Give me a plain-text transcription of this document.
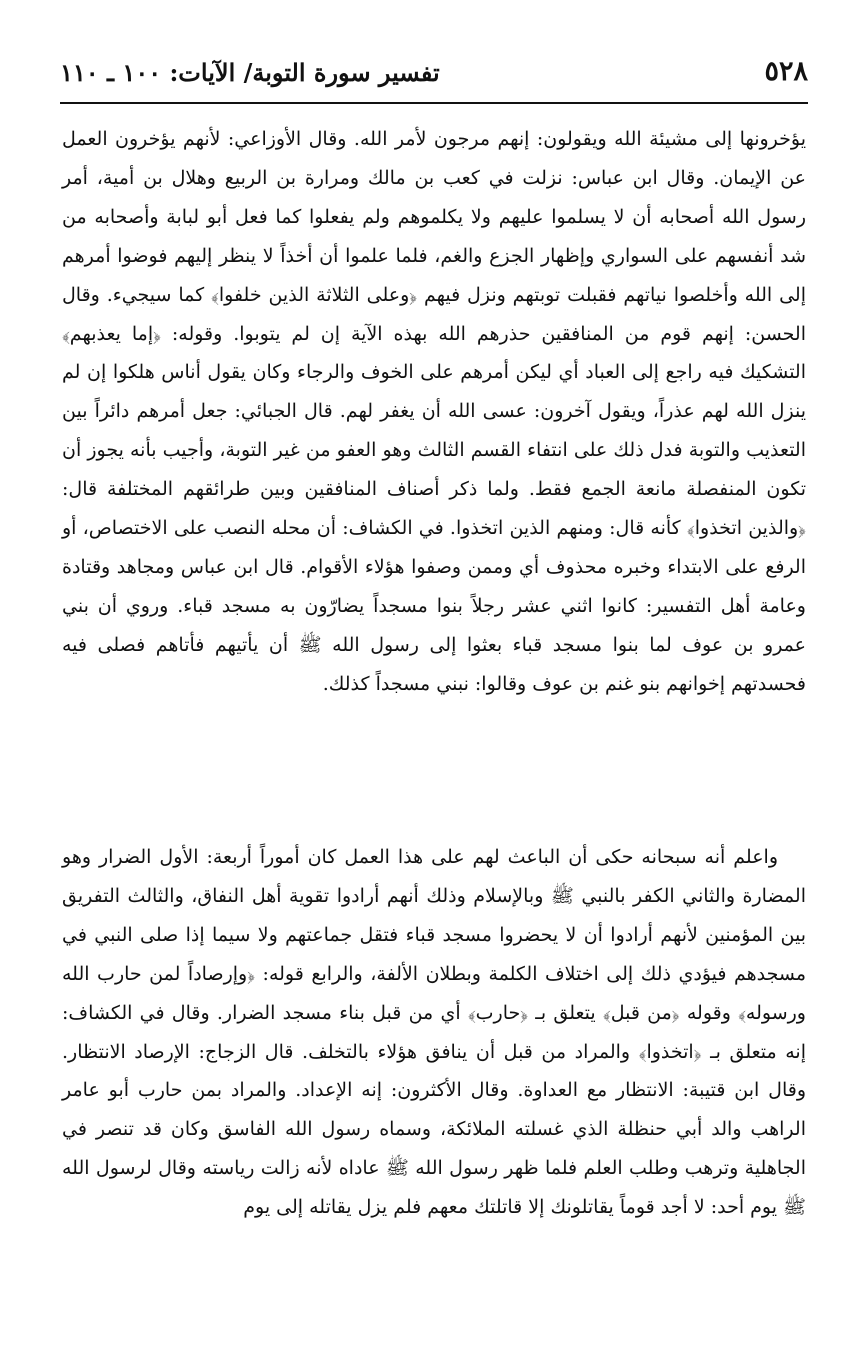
٥٢٨
تفسير سورة التوبة/ الآيات: ١٠٠ ـ ١١٠

يؤخرونها إلى مشيئة الله ويقولون: إنهم مرجون لأمر الله. وقال الأوزاعي: لأنهم يؤخرون العمل عن الإيمان. وقال ابن عباس: نزلت في كعب بن مالك ومرارة بن الربيع وهلال بن أمية، أمر رسول الله أصحابه أن لا يسلموا عليهم ولا يكلموهم ولم يفعلوا كما فعل أبو لبابة وأصحابه من شد أنفسهم على السواري وإظهار الجزع والغم، فلما علموا أن أخذاً لا ينظر إليهم فوضوا أمرهم إلى الله وأخلصوا نياتهم فقبلت توبتهم ونزل فيهم ﴿وعلى الثلاثة الذين خلفوا﴾ كما سيجيء. وقال الحسن: إنهم قوم من المنافقين حذرهم الله بهذه الآية إن لم يتوبوا. وقوله: ﴿إما يعذبهم﴾ التشكيك فيه راجع إلى العباد أي ليكن أمرهم على الخوف والرجاء وكان يقول أناس هلكوا إن لم ينزل الله لهم عذراً، ويقول آخرون: عسى الله أن يغفر لهم. قال الجبائي: جعل أمرهم دائراً بين التعذيب والتوبة فدل ذلك على انتفاء القسم الثالث وهو العفو من غير التوبة، وأجيب بأنه يجوز أن تكون المنفصلة مانعة الجمع فقط. ولما ذكر أصناف المنافقين وبين طرائقهم المختلفة قال: ﴿والذين اتخذوا﴾ كأنه قال: ومنهم الذين اتخذوا. في الكشاف: أن محله النصب على الاختصاص، أو الرفع على الابتداء وخبره محذوف أي وممن وصفوا هؤلاء الأقوام. قال ابن عباس ومجاهد وقتادة وعامة أهل التفسير: كانوا اثني عشر رجلاً بنوا مسجداً يضارّون به مسجد قباء. وروي أن بني عمرو بن عوف لما بنوا مسجد قباء بعثوا إلى رسول الله ﷺ أن يأتيهم فأتاهم فصلى فيه فحسدتهم إخوانهم بنو غنم بن عوف وقالوا: نبني مسجداً كذلك.

واعلم أنه سبحانه حكى أن الباعث لهم على هذا العمل كان أموراً أربعة: الأول الضرار وهو المضارة والثاني الكفر بالنبي ﷺ وبالإسلام وذلك أنهم أرادوا تقوية أهل النفاق، والثالث التفريق بين المؤمنين لأنهم أرادوا أن لا يحضروا مسجد قباء فتقل جماعتهم ولا سيما إذا صلى النبي في مسجدهم فيؤدي ذلك إلى اختلاف الكلمة وبطلان الألفة، والرابع قوله: ﴿وإرصاداً لمن حارب الله ورسوله﴾ وقوله ﴿من قبل﴾ يتعلق بـ ﴿حارب﴾ أي من قبل بناء مسجد الضرار. وقال في الكشاف: إنه متعلق بـ ﴿اتخذوا﴾ والمراد من قبل أن ينافق هؤلاء بالتخلف. قال الزجاج: الإرصاد الانتظار. وقال ابن قتيبة: الانتظار مع العداوة. وقال الأكثرون: إنه الإعداد. والمراد بمن حارب أبو عامر الراهب والد أبي حنظلة الذي غسلته الملائكة، وسماه رسول الله الفاسق وكان قد تنصر في الجاهلية وترهب وطلب العلم فلما ظهر رسول الله ﷺ عاداه لأنه زالت رياسته وقال لرسول الله ﷺ يوم أحد: لا أجد قوماً يقاتلونك إلا قاتلتك معهم فلم يزل يقاتله إلى يوم
